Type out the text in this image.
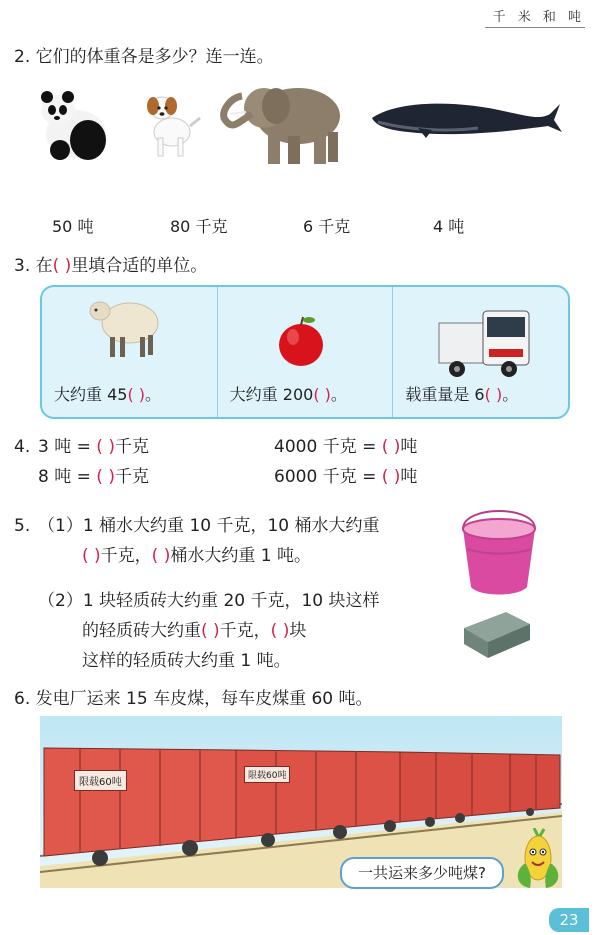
千 米 和 吨
2. 它们的体重各是多少？连一连。
50 吨	80 千克	6 千克	4 吨
3. 在( )里填合适的单位。
大约重 45( )。	大约重 200( )。	载重量是 6( )。
4. 3 吨 = ( )千克	4000 千克 = ( )吨
8 吨 = ( )千克	6000 千克 = ( )吨
5. （1）1 桶水大约重 10 千克，10 桶水大约重
( )千克，( )桶水大约重 1 吨。
（2）1 块轻质砖大约重 20 千克，10 块这样
的轻质砖大约重( )千克，( )块
这样的轻质砖大约重 1 吨。
6. 发电厂运来 15 车皮煤，每车皮煤重 60 吨。
限载60吨
限载60吨
一共运来多少吨煤?
23
